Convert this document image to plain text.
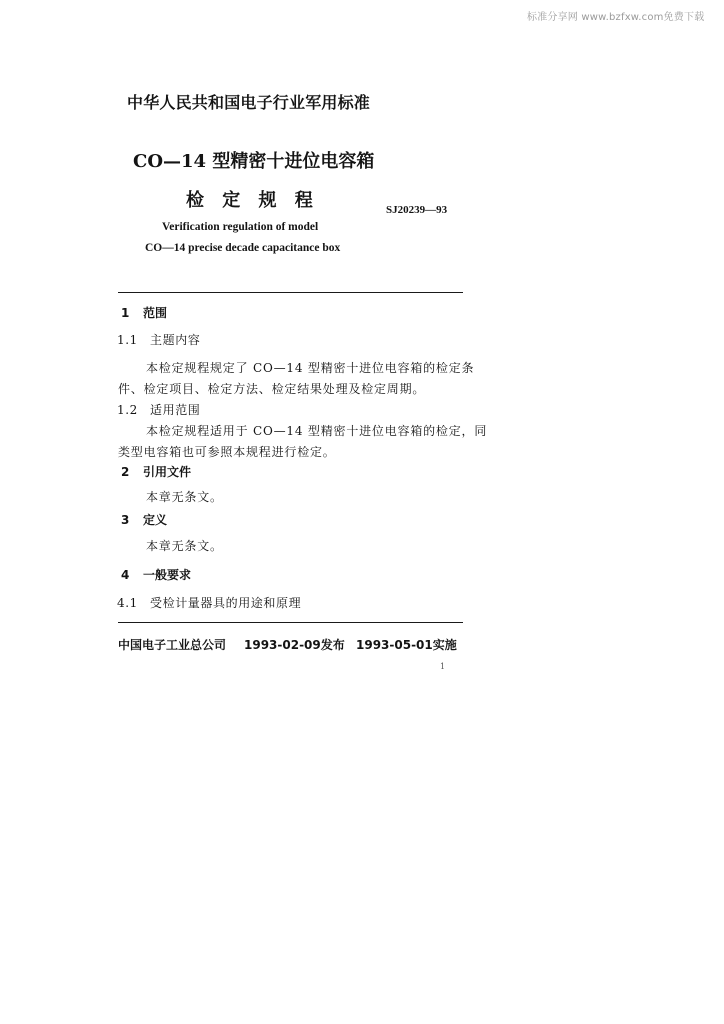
标准分享网 www.bzfxw.com免费下载
中华人民共和国电子行业军用标准
CO—14 型精密十进位电容箱
检 定 规 程	SJ20239—93
Verification regulation of model
CO—14 precise decade capacitance box
1 范围
1.1 主题内容
本检定规程规定了 CO—14 型精密十进位电容箱的检定条
件、检定项目、检定方法、检定结果处理及检定周期。
1.2 适用范围
本检定规程适用于 CO—14 型精密十进位电容箱的检定，同
类型电容箱也可参照本规程进行检定。
2 引用文件
本章无条文。
3 定义
本章无条文。
4 一般要求
4.1 受检计量器具的用途和原理
中国电子工业总公司 1993-02-09发布 1993-05-01实施
1
